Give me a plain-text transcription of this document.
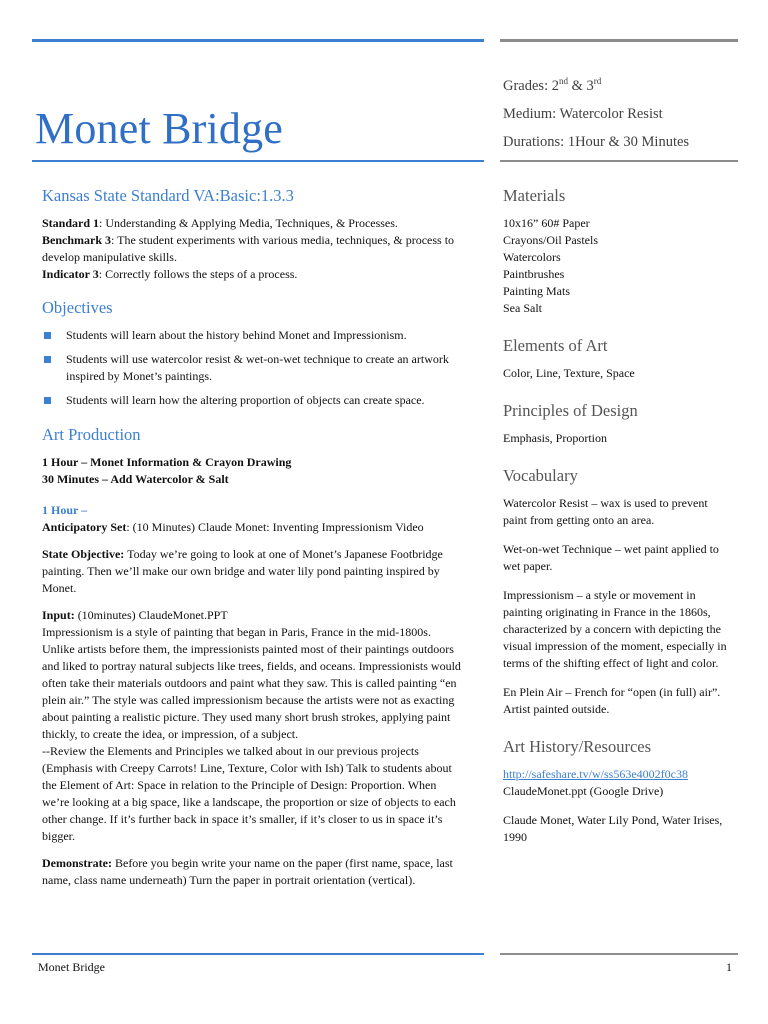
Monet Bridge
Grades: 2nd & 3rd
Medium: Watercolor Resist
Durations: 1Hour & 30 Minutes
Kansas State Standard VA:Basic:1.3.3

Standard 1: Understanding & Applying Media, Techniques, & Processes.

Benchmark 3: The student experiments with various media, techniques, & process to develop manipulative skills.

Indicator 3: Correctly follows the steps of a process.

Objectives
Students will learn about the history behind Monet and Impressionism.
Students will use watercolor resist & wet-on-wet technique to create an artwork inspired by Monet’s paintings.
Students will learn how the altering proportion of objects can create space.
Art Production

1 Hour – Monet Information & Crayon Drawing

30 Minutes – Add Watercolor & Salt

1 Hour –

Anticipatory Set: (10 Minutes) Claude Monet: Inventing Impressionism Video

State Objective: Today we’re going to look at one of Monet’s Japanese Footbridge painting. Then we’ll make our own bridge and water lily pond painting inspired by Monet.

Input: (10minutes) ClaudeMonet.PPT

Impressionism is a style of painting that began in Paris, France in the mid-1800s. Unlike artists before them, the impressionists painted most of their paintings outdoors and liked to portray natural subjects like trees, fields, and oceans. Impressionists would often take their materials outdoors and paint what they saw. This is called painting “en plein air.” The style was called impressionism because the artists were not as exacting about painting a realistic picture. They used many short brush strokes, applying paint thickly, to create the idea, or impression, of a subject.

--Review the Elements and Principles we talked about in our previous projects (Emphasis with Creepy Carrots! Line, Texture, Color with Ish) Talk to students about the Element of Art: Space in relation to the Principle of Design: Proportion. When we’re looking at a big space, like a landscape, the proportion or size of objects to each other change. If it’s further back in space it’s smaller, if it’s closer to us in space it’s bigger.

Demonstrate: Before you begin write your name on the paper (first name, space, last name, class name underneath) Turn the paper in portrait orientation (vertical).

Materials

10x16” 60# Paper

Crayons/Oil Pastels

Watercolors

Paintbrushes

Painting Mats

Sea Salt

Elements of Art

Color, Line, Texture, Space

Principles of Design

Emphasis, Proportion

Vocabulary

Watercolor Resist – wax is used to prevent paint from getting onto an area.

Wet-on-wet Technique – wet paint applied to wet paper.

Impressionism – a style or movement in painting originating in France in the 1860s, characterized by a concern with depicting the visual impression of the moment, especially in terms of the shifting effect of light and color.

En Plein Air – French for “open (in full) air”. Artist painted outside.

Art History/Resources

http://safeshare.tv/w/ss563e4002f0c38

ClaudeMonet.ppt (Google Drive)

Claude Monet, Water Lily Pond, Water Irises, 1990

Monet Bridge	1
